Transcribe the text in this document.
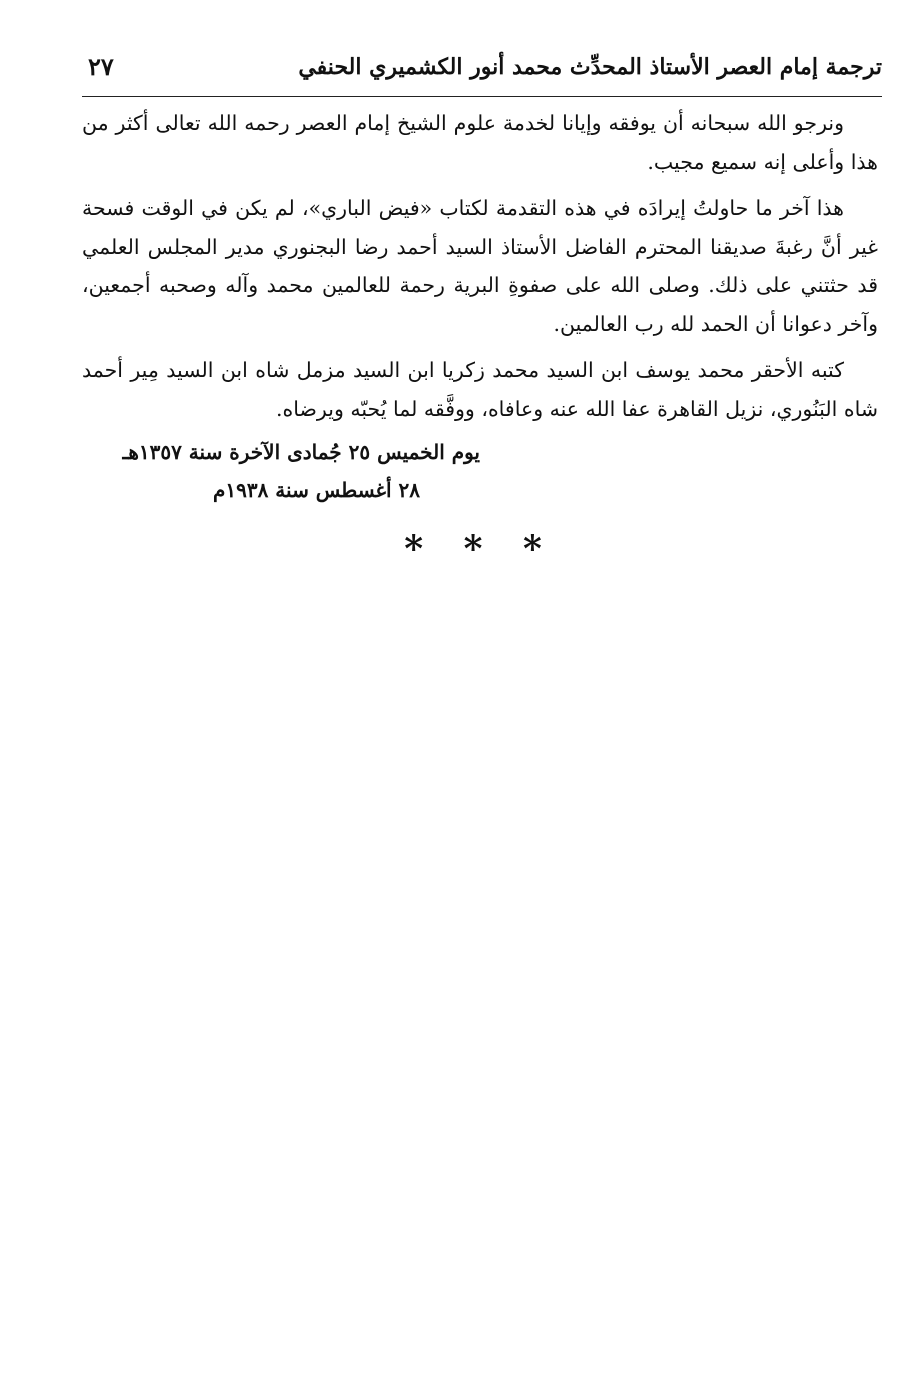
ترجمة إمام العصر الأستاذ المحدِّث محمد أنور الكشميري الحنفي
٢٧

ونرجو الله سبحانه أن يوفقه وإيانا لخدمة علوم الشيخ إمام العصر رحمه الله تعالى أكثر من هذا وأعلى إنه سميع مجيب.

هذا آخر ما حاولتُ إيرادَه في هذه التقدمة لكتاب «فيض الباري»، لم يكن في الوقت فسحة غير أنَّ رغبةَ صديقنا المحترم الفاضل الأستاذ السيد أحمد رضا البجنوري مدير المجلس العلمي قد حثتني على ذلك. وصلى الله على صفوةِ البرية رحمة للعالمين محمد وآله وصحبه أجمعين، وآخر دعوانا أن الحمد لله رب العالمين.

كتبه الأحقر محمد يوسف ابن السيد محمد زكريا ابن السيد مزمل شاه ابن السيد مِير أحمد شاه البَنُوري، نزيل القاهرة عفا الله عنه وعافاه، ووفَّقه لما يُحبّه ويرضاه.

يوم الخميس ٢٥ جُمادى الآخرة سنة ١٣٥٧هـ
٢٨ أغسطس سنة ١٩٣٨م
* * *
